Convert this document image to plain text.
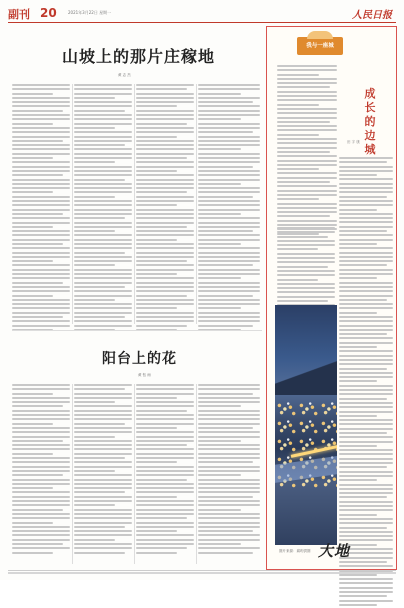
副刊 20	2021年3月22日 星期一	人民日报
山坡上的那片庄稼地
黄 志 杰
阳台上的花
黄 钰 雨
我与一座城
成长的边城
田 字 康
图片来源：翁玥供图 大地
